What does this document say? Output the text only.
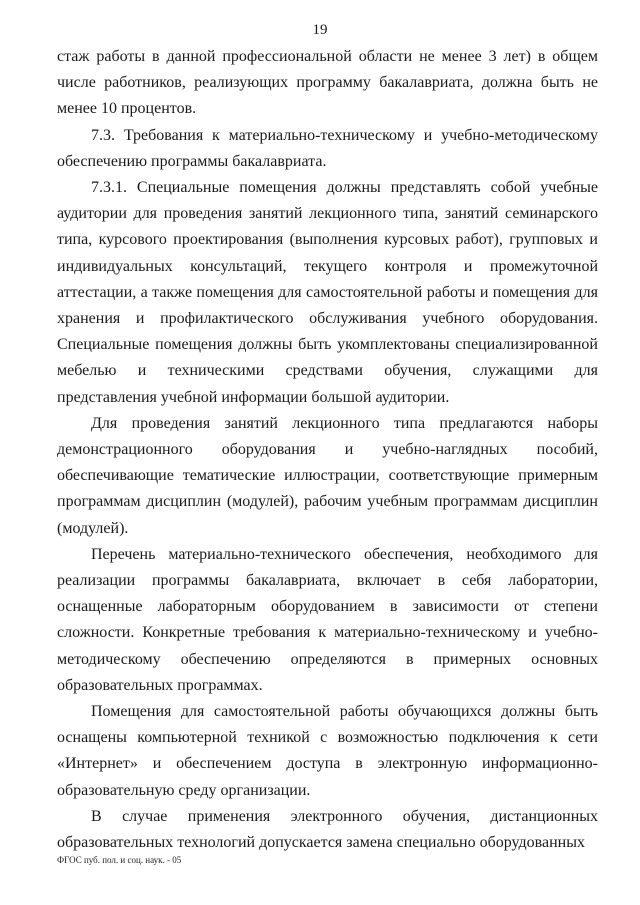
19

стаж работы в данной профессиональной области не менее 3 лет) в общем числе работников, реализующих программу бакалавриата, должна быть не менее 10 процентов.

7.3. Требования к материально-техническому и учебно-методическому обеспечению программы бакалавриата.

7.3.1. Специальные помещения должны представлять собой учебные аудитории для проведения занятий лекционного типа, занятий семинарского типа, курсового проектирования (выполнения курсовых работ), групповых и индивидуальных консультаций, текущего контроля и промежуточной аттестации, а также помещения для самостоятельной работы и помещения для хранения и профилактического обслуживания учебного оборудования. Специальные помещения должны быть укомплектованы специализированной мебелью и техническими средствами обучения, служащими для представления учебной информации большой аудитории.

Для проведения занятий лекционного типа предлагаются наборы демонстрационного оборудования и учебно-наглядных пособий, обеспечивающие тематические иллюстрации, соответствующие примерным программам дисциплин (модулей), рабочим учебным программам дисциплин (модулей).

Перечень материально-технического обеспечения, необходимого для реализации программы бакалавриата, включает в себя лаборатории, оснащенные лабораторным оборудованием в зависимости от степени сложности. Конкретные требования к материально-техническому и учебно-методическому обеспечению определяются в примерных основных образовательных программах.

Помещения для самостоятельной работы обучающихся должны быть оснащены компьютерной техникой с возможностью подключения к сети «Интернет» и обеспечением доступа в электронную информационно-образовательную среду организации.

В случае применения электронного обучения, дистанционных образовательных технологий допускается замена специально оборудованных

ФГОС пуб. пол. и соц. наук. - 05
